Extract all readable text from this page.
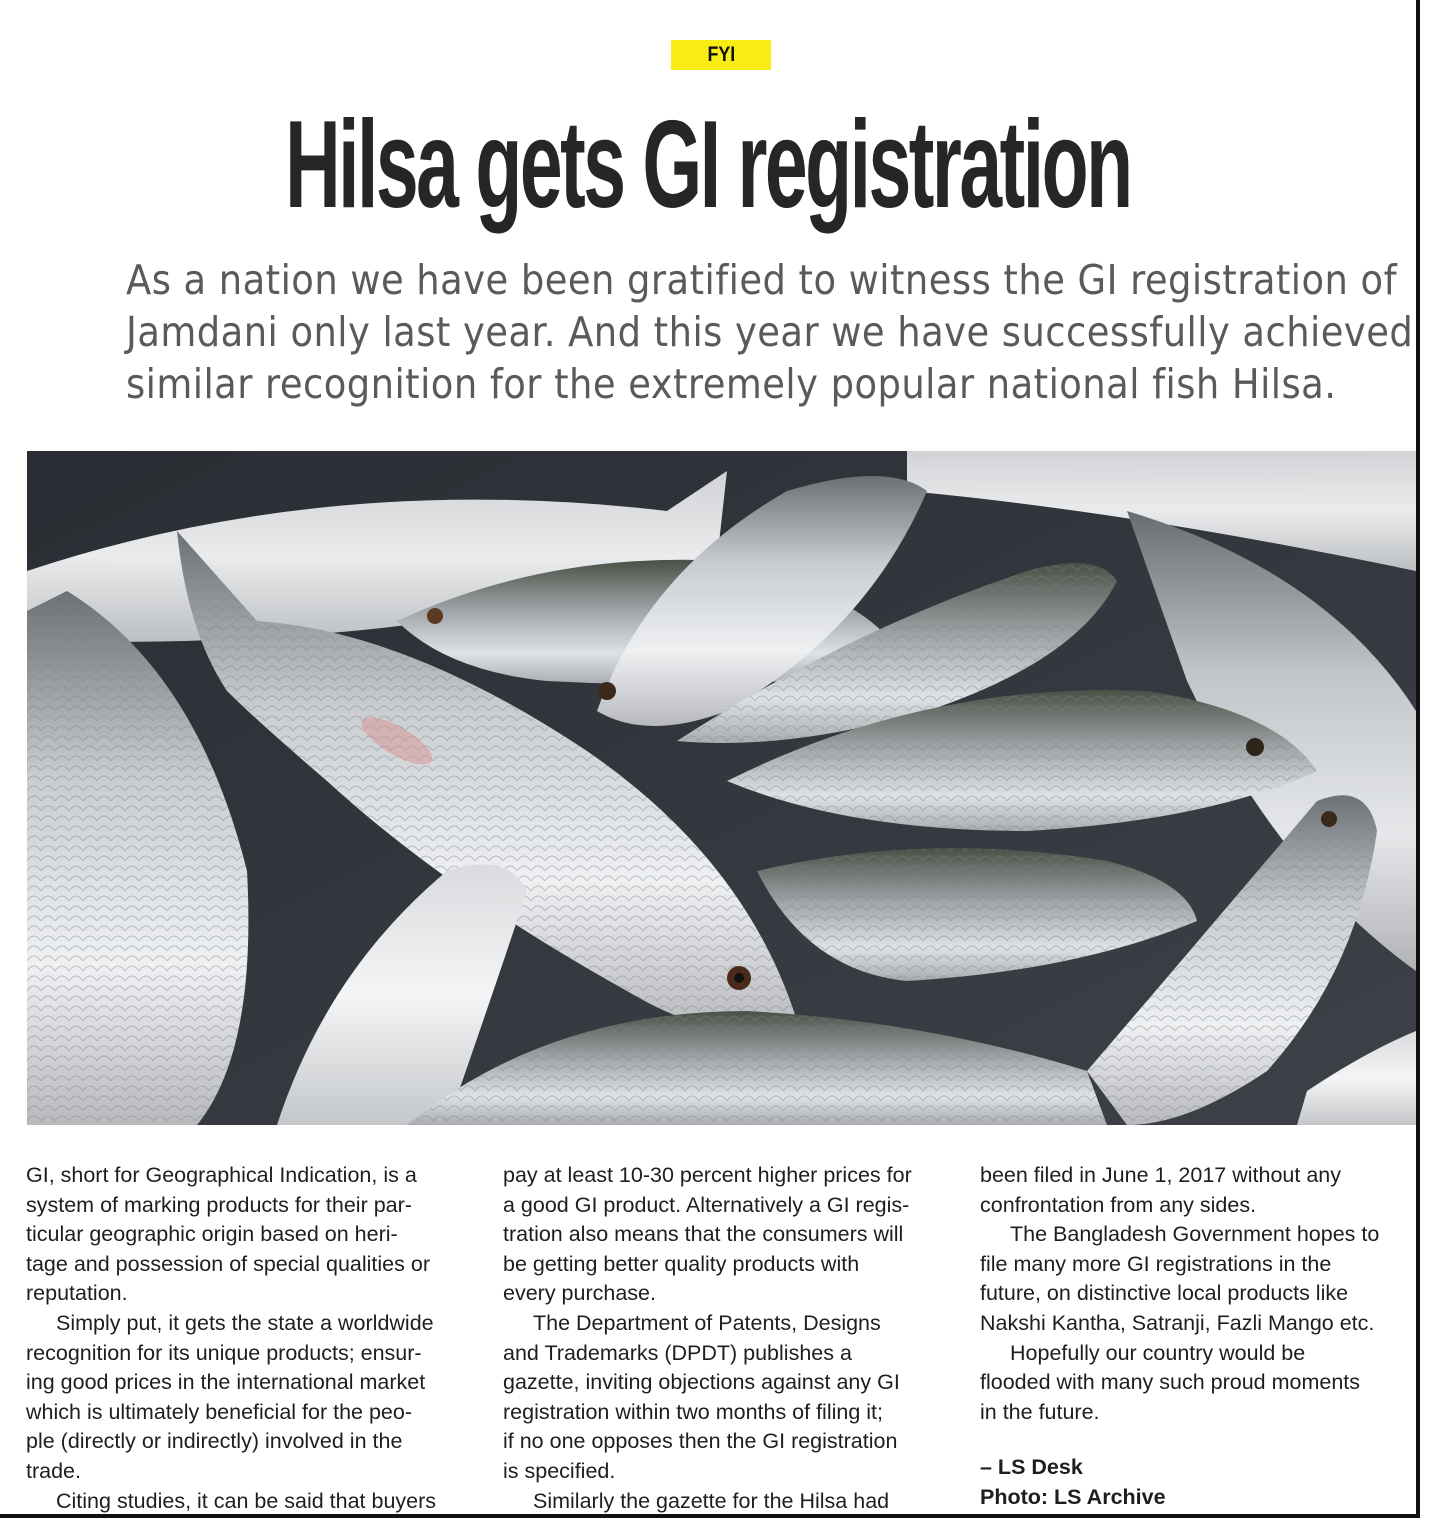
FYI
Hilsa gets GI registration
As a nation we have been gratified to witness the GI registration of
Jamdani only last year. And this year we have successfully achieved
similar recognition for the extremely popular national fish Hilsa.

GI, short for Geographical Indication, is a

system of marking products for their par-

ticular geographic origin based on heri-

tage and possession of special qualities or

reputation.

Simply put, it gets the state a worldwide

recognition for its unique products; ensur-

ing good prices in the international market

which is ultimately beneficial for the peo-

ple (directly or indirectly) involved in the

trade.

Citing studies, it can be said that buyers

pay at least 10-30 percent higher prices for

a good GI product. Alternatively a GI regis-

tration also means that the consumers will

be getting better quality products with

every purchase.

The Department of Patents, Designs

and Trademarks (DPDT) publishes a

gazette, inviting objections against any GI

registration within two months of filing it;

if no one opposes then the GI registration

is specified.

Similarly the gazette for the Hilsa had

been filed in June 1, 2017 without any

confrontation from any sides.

The Bangladesh Government hopes to

file many more GI registrations in the

future, on distinctive local products like

Nakshi Kantha, Satranji, Fazli Mango etc.

Hopefully our country would be

flooded with many such proud moments

in the future.

– LS Desk
Photo: LS Archive
